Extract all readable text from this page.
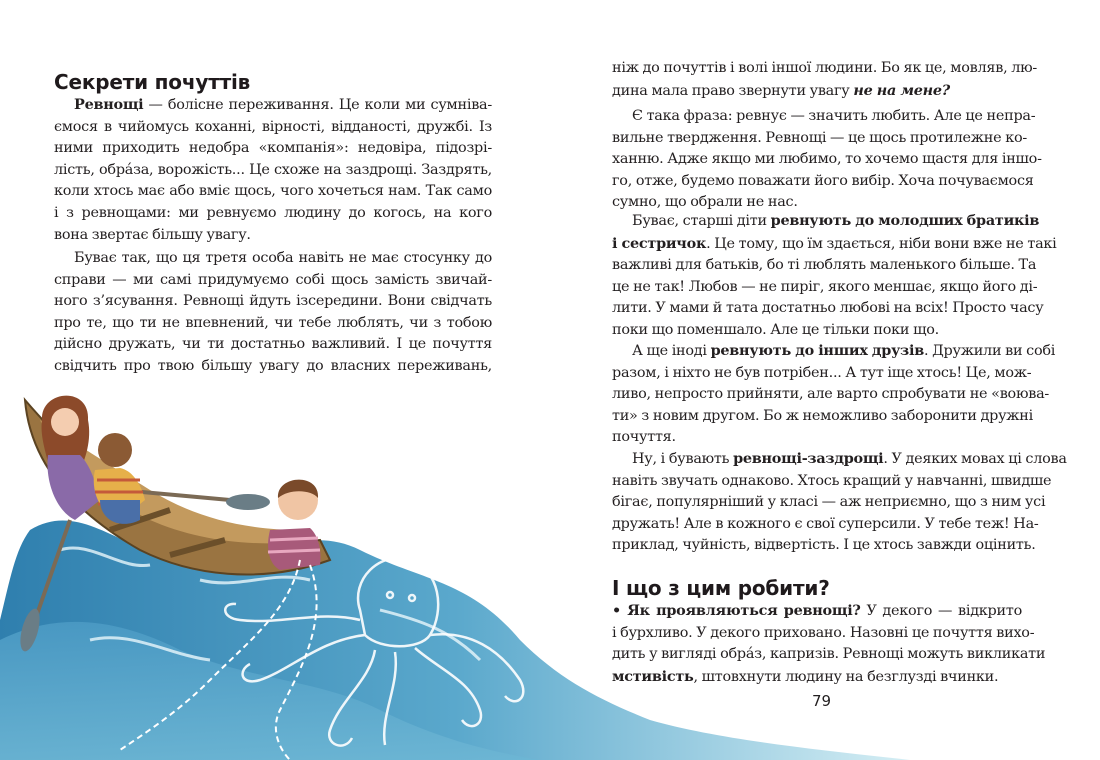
Секрети почуттів
Ревнощі — болісне переживання. Це коли ми сумніва-
ємося в чийомусь коханні, вірності, відданості, дружбі. Із
ними приходить недобра «компанія»: недовіра, підозрі-
лість, обрáза, ворожість... Це схоже на заздрощі. Заздрять,
коли хтось має або вміє щось, чого хочеться нам. Так само
і з ревнощами: ми ревнуємо людину до когось, на кого
вона звертає більшу увагу.
Буває так, що ця третя особа навіть не має стосунку до
справи — ми самі придумуємо собі щось замість звичай-
ного з’ясування. Ревнощі йдуть ізсередини. Вони свідчать
про те, що ти не впевнений, чи тебе люблять, чи з тобою
дійсно дружать, чи ти достатньо важливий. І це почуття
свідчить про твою більшу увагу до власних переживань,
ніж до почуттів і волі іншої людини. Бо як це, мовляв, лю-
дина мала право звернути увагу не на мене?
Є така фраза: ревнує — значить любить. Але це непра-
вильне твердження. Ревнощі — це щось протилежне ко-
ханню. Адже якщо ми любимо, то хочемо щастя для іншо-
го, отже, будемо поважати його вибір. Хоча почуваємося
сумно, що обрали не нас.
Буває, старші діти ревнують до молодших братиків
і сестричок. Це тому, що їм здається, ніби вони вже не такі
важливі для батьків, бо ті люблять маленького більше. Та
це не так! Любов — не пиріг, якого меншає, якщо його ді-
лити. У мами й тата достатньо любові на всіх! Просто часу
поки що поменшало. Але це тільки поки що.
А ще іноді ревнують до інших друзів. Дружили ви собі
разом, і ніхто не був потрібен... А тут іще хтось! Це, мож-
ливо, непросто прийняти, але варто спробувати не «воюва-
ти» з новим другом. Бо ж неможливо заборонити дружні
почуття.
Ну, і бувають ревнощі-заздрощі. У деяких мовах ці слова
навіть звучать однаково. Хтось кращий у навчанні, швидше
бігає, популярніший у класі — аж неприємно, що з ним усі
дружать! Але в кожного є свої суперсили. У тебе теж! На-
приклад, чуйність, відвертість. І це хтось завжди оцінить.
І що з цим робити?
• Як проявляються ревнощі? У декого — відкрито
і бурхливо. У декого приховано. Назовні це почуття вихо-
дить у вигляді обрáз, капризів. Ревнощі можуть викликати
мстивість, штовхнути людину на безглузді вчинки.
79
